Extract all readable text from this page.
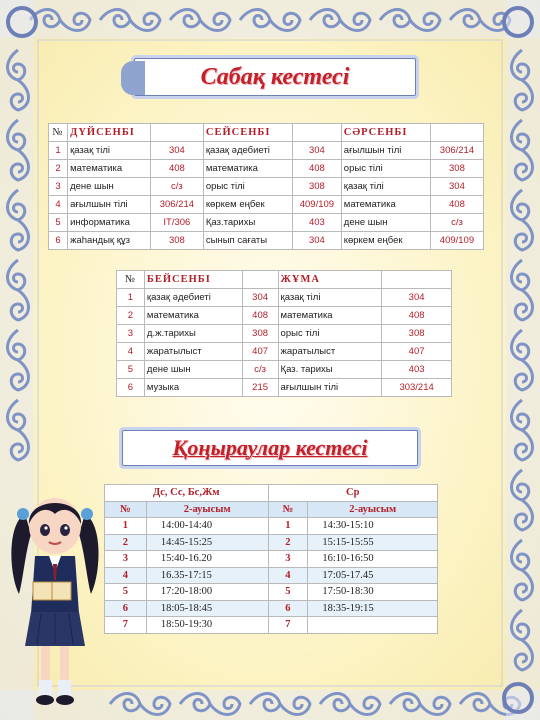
Сабақ кестесі
№	ДҮЙСЕНБІ		СЕЙСЕНБІ		СӘРСЕНБІ	
1	қазақ тілі	304	қазақ әдебиеті	304	ағылшын тілі	306/214
2	математика	408	математика	408	орыс тілі	308
3	дене шын	с/з	орыс тілі	308	қазақ тілі	304
4	ағылшын тілі	306/214	көркем еңбек	409/109	математика	408
5	информатика	IT/306	Қаз.тарихы	403	дене шын	с/з
6	жаһандық құз	308	сынып сағаты	304	көркем еңбек	409/109
№	БЕЙСЕНБІ		ЖҰМА	
1	қазақ әдебиеті	304	қазақ тілі	304
2	математика	408	математика	408
3	д.ж.тарихы	308	орыс тілі	308
4	жаратылыст	407	жаратылыст	407
5	дене шын	с/з	Қаз. тарихы	403
6	музыка	215	ағылшын тілі	303/214
Қоңыраулар кестесі
Дс, Сс, Бс,Жм		Ср	
№	2-ауысым	№	2-ауысым
1	14:00-14:40	1	14:30-15:10
2	14:45-15:25	2	15:15-15:55
3	15:40-16.20	3	16:10-16:50
4	16.35-17:15	4	17:05-17.45
5	17:20-18:00	5	17:50-18:30
6	18:05-18:45	6	18:35-19:15
7	18:50-19:30	7	
